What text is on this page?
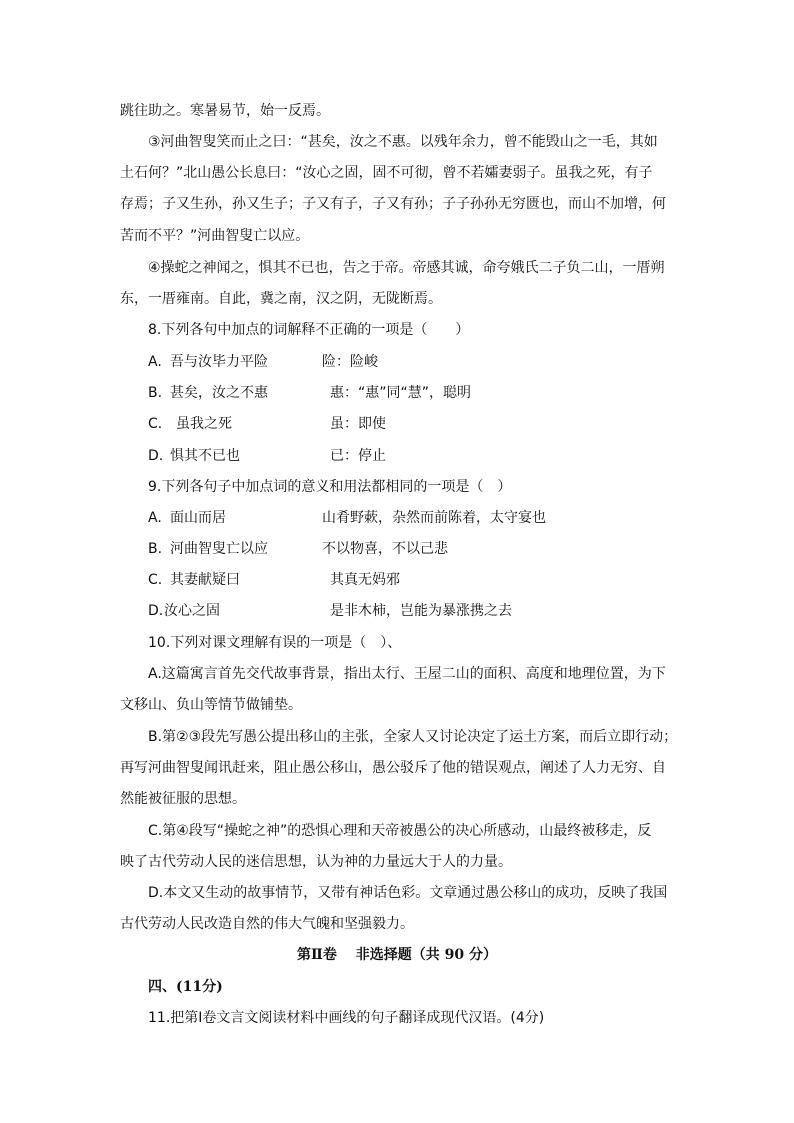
跳往助之。寒暑易节，始一反焉。
③河曲智叟笑而止之曰：“甚矣，汝之不惠。以残年余力，曾不能毁山之一毛，其如
土石何？”北山愚公长息曰：“汝心之固，固不可彻，曾不若孀妻弱子。虽我之死，有子
存焉；子又生孙，孙又生子；子又有子，子又有孙；子子孙孙无穷匮也，而山不加增，何
苦而不平？”河曲智叟亡以应。
④操蛇之神闻之，惧其不已也，告之于帝。帝感其诚，命夸娥氏二子负二山，一厝朔
东，一厝雍南。自此，冀之南，汉之阴，无陇断焉。
8.下列各句中加点的词解释不正确的一项是（　　）
A. 吾与汝毕力平险	险：险峻
B. 甚矣，汝之不惠	惠：“惠”同“慧”，聪明
C． 虽我之死	虽：即使
D. 惧其不已也	已：停止
9.下列各句子中加点词的意义和用法都相同的一项是（　）
A. 面山而居	山肴野蔌，杂然而前陈着，太守宴也
B. 河曲智叟亡以应	不以物喜，不以己悲
C. 其妻献疑曰	其真无妈邪
D. 汝心之固	是非木柿，岂能为暴涨携之去
10.下列对课文理解有误的一项是（　）、
A.这篇寓言首先交代故事背景，指出太行、王屋二山的面积、高度和地理位置，为下
文移山、负山等情节做铺垫。
B.第②③段先写愚公提出移山的主张，全家人又讨论决定了运土方案，而后立即行动；
再写河曲智叟闻讯赶来，阻止愚公移山，愚公驳斥了他的错误观点，阐述了人力无穷、自
然能被征服的思想。
C.第④段写“操蛇之神”的恐惧心理和天帝被愚公的决心所感动，山最终被移走，反
映了古代劳动人民的迷信思想，认为神的力量远大于人的力量。
D.本文又生动的故事情节，又带有神话色彩。文章通过愚公移山的成功，反映了我国
古代劳动人民改造自然的伟大气魄和坚强毅力。
第Ⅱ卷　 非选择题（共 90 分）
四、(11分)
11.把第Ⅰ卷文言文阅读材料中画线的句子翻译成现代汉语。(4分)
